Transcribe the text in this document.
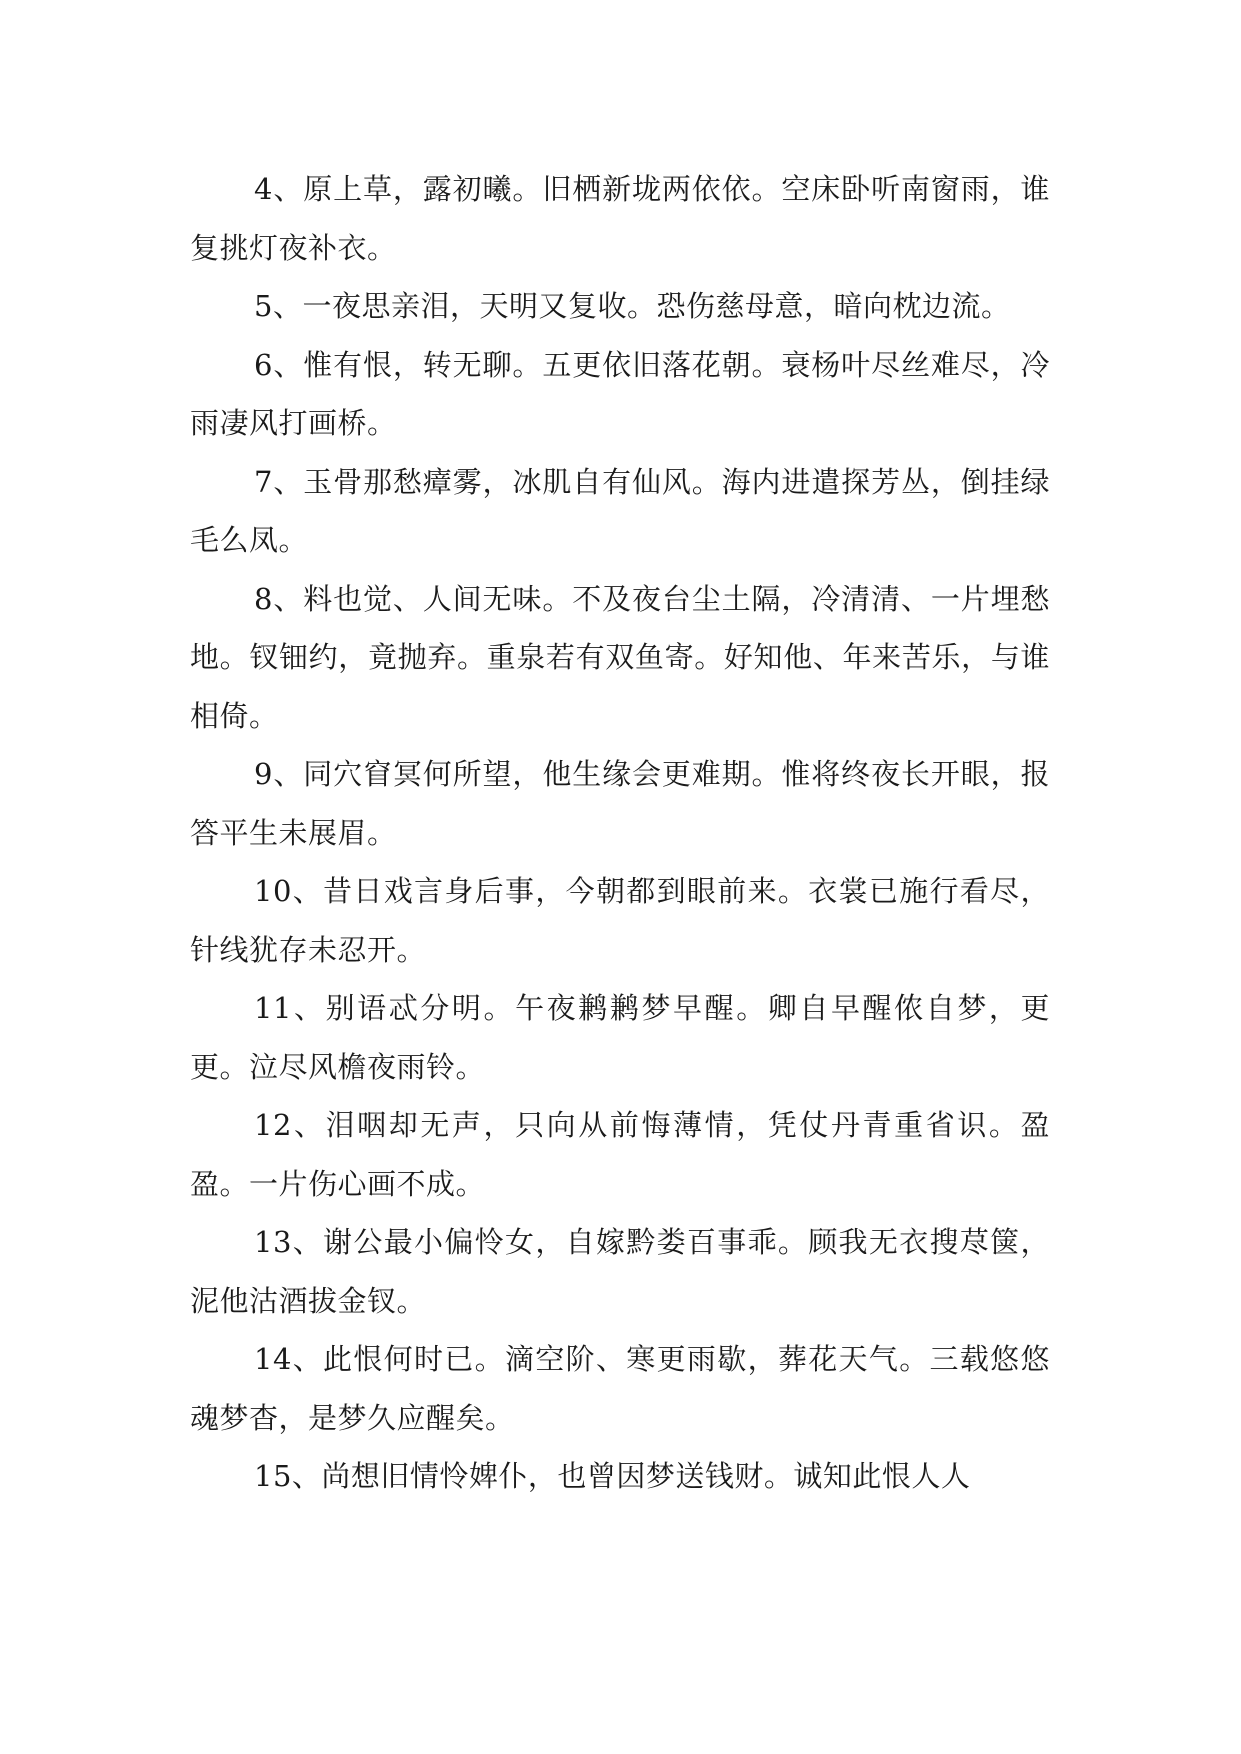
4、原上草，露初曦。旧栖新垅两依依。空床卧听南窗雨，谁复挑灯夜补衣。

5、一夜思亲泪，天明又复收。恐伤慈母意，暗向枕边流。

6、惟有恨，转无聊。五更依旧落花朝。衰杨叶尽丝难尽，冷雨凄风打画桥。

7、玉骨那愁瘴雾，冰肌自有仙风。海内进遣探芳丛，倒挂绿毛么凤。

8、料也觉、人间无味。不及夜台尘土隔，冷清清、一片埋愁地。钗钿约，竟抛弃。重泉若有双鱼寄。好知他、年来苦乐，与谁相倚。

9、同穴窅冥何所望，他生缘会更难期。惟将终夜长开眼，报答平生未展眉。

10、昔日戏言身后事，今朝都到眼前来。衣裳已施行看尽，针线犹存未忍开。

11、别语忒分明。午夜鹣鹣梦早醒。卿自早醒侬自梦，更更。泣尽风檐夜雨铃。

12、泪咽却无声，只向从前悔薄情，凭仗丹青重省识。盈盈。一片伤心画不成。

13、谢公最小偏怜女，自嫁黔娄百事乖。顾我无衣搜荩箧，泥他沽酒拔金钗。

14、此恨何时已。滴空阶、寒更雨歇，葬花天气。三载悠悠魂梦杳，是梦久应醒矣。

15、尚想旧情怜婢仆，也曾因梦送钱财。诚知此恨人人
